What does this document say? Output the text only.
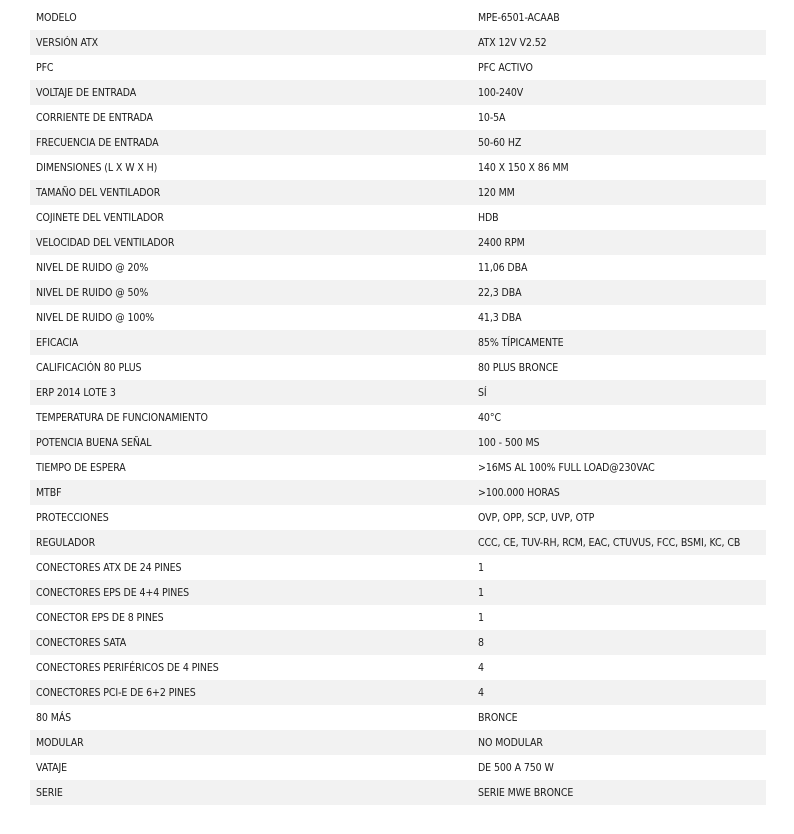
MODELO	MPE-6501-ACAAB
VERSIÓN ATX	ATX 12V V2.52
PFC	PFC ACTIVO
VOLTAJE DE ENTRADA	100-240V
CORRIENTE DE ENTRADA	10-5A
FRECUENCIA DE ENTRADA	50-60 HZ
DIMENSIONES (L X W X H)	140 X 150 X 86 MM
TAMAÑO DEL VENTILADOR	120 MM
COJINETE DEL VENTILADOR	HDB
VELOCIDAD DEL VENTILADOR	2400 RPM
NIVEL DE RUIDO @ 20%	11,06 DBA
NIVEL DE RUIDO @ 50%	22,3 DBA
NIVEL DE RUIDO @ 100%	41,3 DBA
EFICACIA	85% TÍPICAMENTE
CALIFICACIÓN 80 PLUS	80 PLUS BRONCE
ERP 2014 LOTE 3	SÍ
TEMPERATURA DE FUNCIONAMIENTO	40°C
POTENCIA BUENA SEÑAL	100 - 500 MS
TIEMPO DE ESPERA	>16MS AL 100% FULL LOAD@230VAC
MTBF	>100.000 HORAS
PROTECCIONES	OVP, OPP, SCP, UVP, OTP
REGULADOR	CCC, CE, TUV-RH, RCM, EAC, CTUVUS, FCC, BSMI, KC, CB
CONECTORES ATX DE 24 PINES	1
CONECTORES EPS DE 4+4 PINES	1
CONECTOR EPS DE 8 PINES	1
CONECTORES SATA	8
CONECTORES PERIFÉRICOS DE 4 PINES	4
CONECTORES PCI-E DE 6+2 PINES	4
80 MÁS	BRONCE
MODULAR	NO MODULAR
VATAJE	DE 500 A 750 W
SERIE	SERIE MWE BRONCE
